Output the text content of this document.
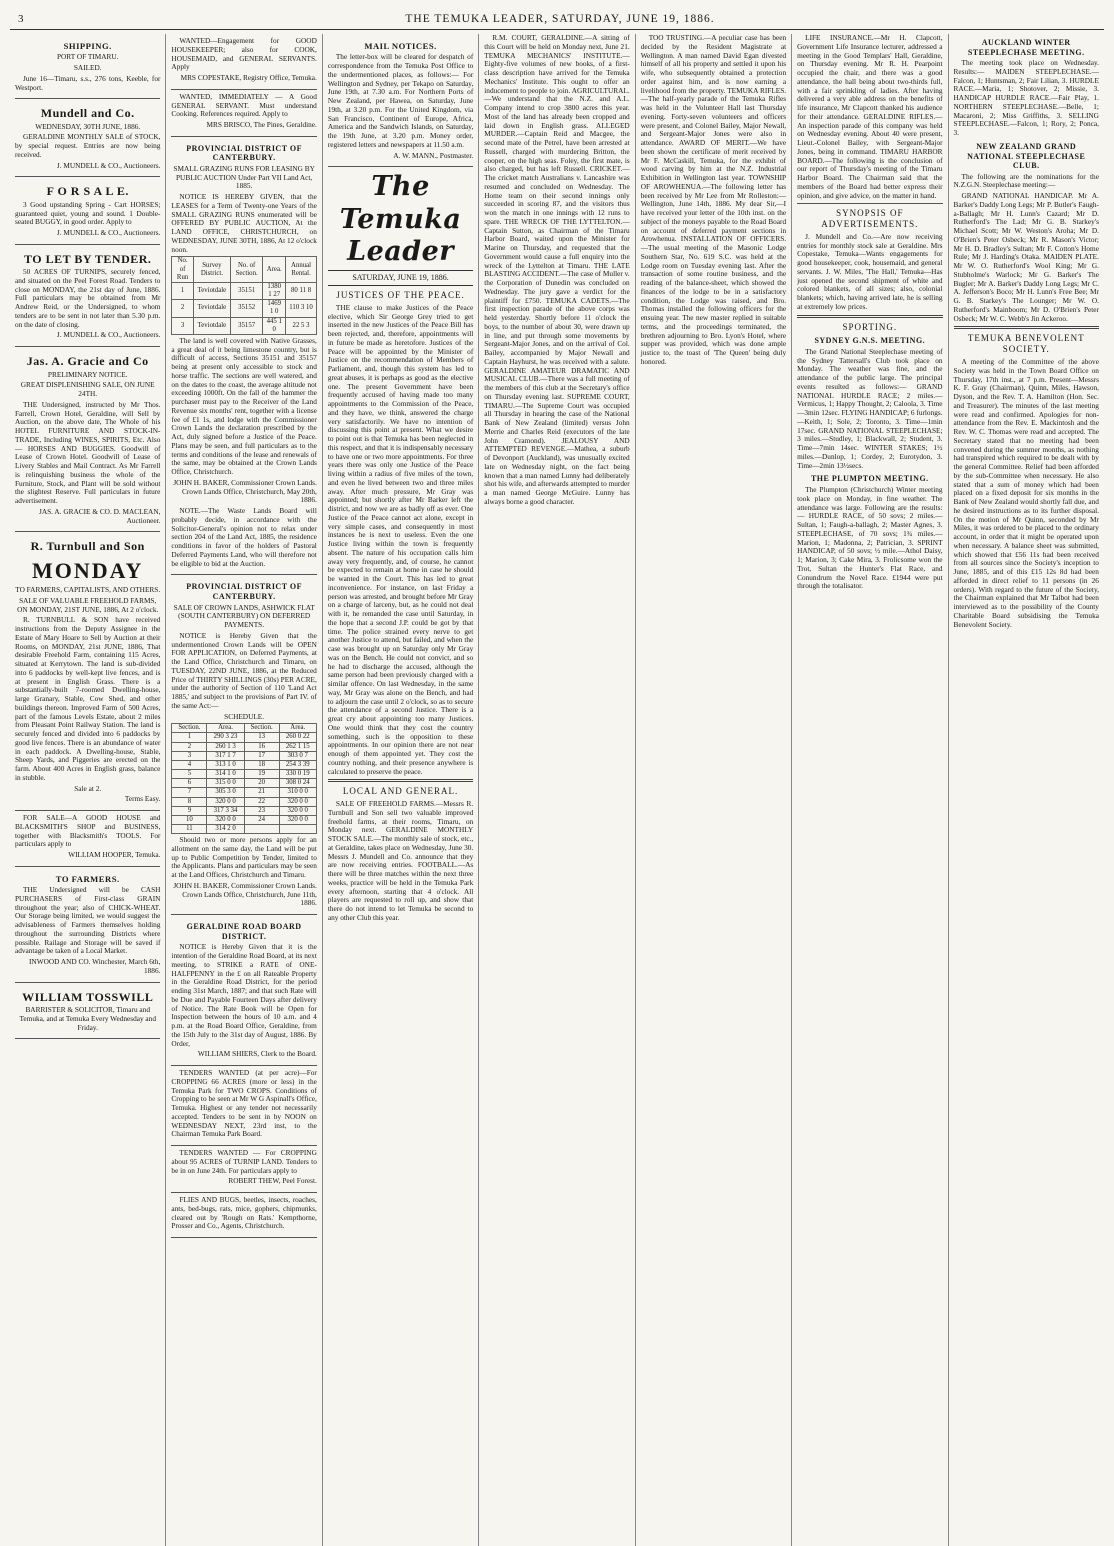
3	THE TEMUKA LEADER, SATURDAY, JUNE 19, 1886.
SHIPPING.

PORT OF TIMARU.

SAILED.

June 16—Timaru, s.s., 276 tons, Keeble, for Westport.

Mundell and Co.

WEDNESDAY, 30TH JUNE, 1886.

GERALDINE MONTHLY SALE of STOCK, by special request. Entries are now being received.

J. MUNDELL & CO., Auctioneers.

F O R S A L E.

3 Good upstanding Spring - Cart HORSES; guaranteed quiet, young and sound. 1 Double-seated BUGGY, in good order. Apply to

J. MUNDELL & CO., Auctioneers.

TO LET BY TENDER.

50 ACRES OF TURNIPS, securely fenced, and situated on the Peel Forest Road. Tenders to close on MONDAY, the 21st day of June, 1886. Full particulars may be obtained from Mr Andrew Reid, or the Undersigned, to whom tenders are to be sent in not later than 5.30 p.m. on the date of closing.

J. MUNDELL & CO., Auctioneers.

Jas. A. Gracie and Co

PRELIMINARY NOTICE.

GREAT DISPLENISHING SALE, ON JUNE 24TH.

THE Undersigned, instructed by Mr Thos. Farrell, Crown Hotel, Geraldine, will Sell by Auction, on the above date, The Whole of his HOTEL FURNITURE AND STOCK-IN-TRADE, Including WINES, SPIRITS, Etc. Also— HORSES AND BUGGIES. Goodwill of Lease of Crown Hotel. Goodwill of Lease of Livery Stables and Mail Contract. As Mr Farrell is relinquishing business the whole of the Furniture, Stock, and Plant will be sold without the slightest Reserve. Full particulars in future advertisement.

JAS. A. GRACIE & CO. D. MACLEAN, Auctioneer.

R. Turnbull and Son
MONDAY

TO FARMERS, CAPITALISTS, AND OTHERS.

SALE OF VALUABLE FREEHOLD FARMS, ON MONDAY, 21ST JUNE, 1886, At 2 o'clock.

R. TURNBULL & SON have received instructions from the Deputy Assignee in the Estate of Mary Hoare to Sell by Auction at their Rooms, on MONDAY, 21st JUNE, 1886, That desirable Freehold Farm, containing 115 Acres, situated at Kerrytown. The land is sub-divided into 6 paddocks by well-kept live fences, and is at present in English Grass. There is a substantially-built 7-roomed Dwelling-house, large Granary, Stable, Cow Shed, and other buildings thereon. Improved Farm of 500 Acres, part of the famous Levels Estate, about 2 miles from Pleasant Point Railway Station. The land is securely fenced and divided into 6 paddocks by good live fences. There is an abundance of water in each paddock. A Dwelling-house, Stable, Sheep Yards, and Piggeries are erected on the farm. About 400 Acres in English grass, balance in stubble.

Sale at 2.

Terms Easy.

FOR SALE—A GOOD HOUSE and BLACKSMITH'S SHOP and BUSINESS, together with Blacksmith's TOOLS. For particulars apply to

WILLIAM HOOPER, Temuka.

TO FARMERS.

THE Undersigned will be CASH PURCHASERS of First-class GRAIN throughout the year; also of CHICK-WHEAT. Our Storage being limited, we would suggest the advisableness of Farmers themselves holding throughout the surrounding Districts where possible. Railage and Storage will be saved if advantage be taken of a Local Market.

INWOOD AND CO. Winchester, March 6th, 1886.

WILLIAM TOSSWILL

BARRISTER & SOLICITOR, Timaru and Temuka, and at Temuka Every Wednesday and Friday.

WANTED—Engagement for GOOD HOUSEKEEPER; also for COOK, HOUSEMAID, and GENERAL SERVANTS. Apply

MRS COPESTAKE, Registry Office, Temuka.

WANTED, IMMEDIATELY — A Good GENERAL SERVANT. Must understand Cooking. References required. Apply to

MRS BRISCO, The Pines, Geraldine.

PROVINCIAL DISTRICT OF CANTERBURY.

SMALL GRAZING RUNS FOR LEASING BY PUBLIC AUCTION Under Part VII Land Act, 1885.

NOTICE IS HEREBY GIVEN, that the LEASES for a Term of Twenty-one Years of the SMALL GRAZING RUNS enumerated will be OFFERED BY PUBLIC AUCTION, At the LAND OFFICE, CHRISTCHURCH, on WEDNESDAY, JUNE 30TH, 1886, At 12 o'clock noon.

No. of Run	Survey District.	No. of Section.	Area.	Annual Rental.
1	Teviotdale	35151	1380 1 27	80 11 8
2	Teviotdale	35152	1469 1 0	110 3 10
3	Teviotdale	35157	445 1 0	22 5 3

The land is well covered with Native Grasses, a great deal of it being limestone country, but is difficult of access, Sections 35151 and 35157 being at present only accessible to stock and horse traffic. The sections are well watered, and on the dates to the coast, the average altitude not exceeding 1000ft. On the fall of the hammer the purchaser must pay to the Receiver of the Land Revenue six months' rent, together with a license fee of £1 1s, and lodge with the Commissioner Crown Lands the declaration prescribed by the Act, duly signed before a Justice of the Peace. Plans may be seen, and full particulars as to the terms and conditions of the lease and renewals of the same, may be obtained at the Crown Lands Office, Christchurch.

JOHN H. BAKER, Commissioner Crown Lands. Crown Lands Office, Christchurch, May 20th, 1886.

NOTE.—The Waste Lands Board will probably decide, in accordance with the Solicitor-General's opinion not to relax under section 204 of the Land Act, 1885, the residence conditions in favor of the holders of Pastoral Deferred Payments Land, who will therefore not be eligible to bid at the Auction.

PROVINCIAL DISTRICT OF CANTERBURY.

SALE OF CROWN LANDS, ASHWICK FLAT (SOUTH CANTERBURY) ON DEFERRED PAYMENTS.

NOTICE is Hereby Given that the undermentioned Crown Lands will be OPEN FOR APPLICATION, on Deferred Payments, at the Land Office, Christchurch and Timaru, on TUESDAY, 22ND JUNE, 1886, at the Reduced Price of THIRTY SHILLINGS (30s) PER ACRE, under the authority of Section of 110 'Land Act 1885,' and subject to the provisions of Part IV. of the same Act:—

SCHEDULE.

Section.	Area.	Section.	Area.
1	290 3 23	13	260 0 22
2	260 1 3	16	262 1 15
3	317 1 7	17	303 0 7
4	313 1 0	18	254 3 39
5	314 1 0	19	330 0 19
6	315 0 0	20	308 0 24
7	305 3 0	21	310 0 0
8	320 0 0	22	320 0 0
9	317 3 34	23	320 0 0
10	320 0 0	24	320 0 0
11	314 2 0		

Should two or more persons apply for an allotment on the same day, the Land will be put up to Public Competition by Tender, limited to the Applicants. Plans and particulars may be seen at the Land Offices, Christchurch and Timaru.

JOHN H. BAKER, Commissioner Crown Lands. Crown Lands Office, Christchurch, June 11th, 1886.

GERALDINE ROAD BOARD DISTRICT.

NOTICE is Hereby Given that it is the intention of the Geraldine Road Board, at its next meeting, to STRIKE a RATE of ONE-HALFPENNY in the £ on all Rateable Property in the Geraldine Road District, for the period ending 31st March, 1887; and that such Rate will be Due and Payable Fourteen Days after delivery of Notice. The Rate Book will be Open for Inspection between the hours of 10 a.m. and 4 p.m. at the Road Board Office, Geraldine, from the 15th July to the 31st day of August, 1886. By Order,

WILLIAM SHIERS, Clerk to the Board.

TENDERS WANTED (at per acre)—For CROPPING 66 ACRES (more or less) in the Temuka Park for TWO CROPS. Conditions of Cropping to be seen at Mr W G Aspinall's Office, Temuka. Highest or any tender not necessarily accepted. Tenders to be sent in by NOON on WEDNESDAY NEXT, 23rd inst, to the Chairman Temuka Park Board.

TENDERS WANTED — For CROPPING about 95 ACRES of TURNIP LAND. Tenders to be in on June 24th. For particulars apply to

ROBERT THEW, Peel Forest.

FLIES AND BUGS, beetles, insects, roaches, ants, bed-bugs, rats, mice, gophers, chipmunks, cleared out by 'Rough on Rats.' Kempthorne, Prosser and Co., Agents, Christchurch.

MAIL NOTICES.

The letter-box will be cleared for despatch of correspondence from the Temuka Post Office to the undermentioned places, as follows:— For Wellington and Sydney, per Tekapo on Saturday, June 19th, at 7.30 a.m. For Northern Ports of New Zealand, per Hawea, on Saturday, June 19th, at 3.20 p.m. For the United Kingdom, via San Francisco, Continent of Europe, Africa, America and the Sandwich Islands, on Saturday, the 19th June, at 3.20 p.m. Money order, registered letters and newspapers at 11.50 a.m.

A. W. MANN., Postmaster.

The Temuka Leader
SATURDAY, JUNE 19, 1886.
JUSTICES OF THE PEACE.

THE clause to make Justices of the Peace elective, which Sir George Grey tried to get inserted in the new Justices of the Peace Bill has been rejected, and, therefore, appointments will in future be made as heretofore. Justices of the Peace will be appointed by the Minister of Justice on the recommendation of Members of Parliament, and, though this system has led to great abuses, it is perhaps as good as the elective one. The present Government have been frequently accused of having made too many appointments to the Commission of the Peace, and they have, we think, answered the charge very satisfactorily. We have no intention of discussing this point at present. What we desire to point out is that Temuka has been neglected in this respect, and that it is indispensably necessary to have one or two more appointments. For three years there was only one Justice of the Peace living within a radius of five miles of the town, and even he lived between two and three miles away. After much pressure, Mr Gray was appointed; but shortly after Mr Barker left the district, and now we are as badly off as ever. One Justice of the Peace cannot act alone, except in very simple cases, and consequently in most instances he is next to useless. Even the one Justice living within the town is frequently absent. The nature of his occupation calls him away very frequently, and, of course, he cannot be expected to remain at home in case he should be wanted in the Court. This has led to great inconvenience. For instance, on last Friday a person was arrested, and brought before Mr Gray on a charge of larceny, but, as he could not deal with it, he remanded the case until Saturday, in the hope that a second J.P. could be got by that time. The police strained every nerve to get another Justice to attend, but failed, and when the case was brought up on Saturday only Mr Gray was on the Bench. He could not convict, and so he had to discharge the accused, although the same person had been previously charged with a similar offence. On last Wednesday, in the same way, Mr Gray was alone on the Bench, and had to adjourn the case until 2 o'clock, so as to secure the attendance of a second Justice. There is a great cry about appointing too many Justices. One would think that they cost the country something, such is the opposition to these appointments. In our opinion there are not near enough of them appointed yet. They cost the country nothing, and their presence anywhere is calculated to preserve the peace.

LOCAL AND GENERAL.

SALE OF FREEHOLD FARMS.—Messrs R. Turnbull and Son sell two valuable improved freehold farms, at their rooms, Timaru, on Monday next. GERALDINE MONTHLY STOCK SALE.—The monthly sale of stock, etc., at Geraldine, takes place on Wednesday, June 30. Messrs J. Mundell and Co. announce that they are now receiving entries. FOOTBALL.—As there will be three matches within the next three weeks, practice will be held in the Temuka Park every afternoon, starting that 4 o'clock. All players are requested to roll up, and show that there do not intend to let Temuka be second to any other Club this year.

R.M. COURT, GERALDINE.—A sitting of this Court will be held on Monday next, June 21. TEMUKA MECHANICS' INSTITUTE.—Eighty-five volumes of new books, of a first-class description have arrived for the Temuka Mechanics' Institute. This ought to offer an inducement to people to join. AGRICULTURAL.—We understand that the N.Z. and A.L. Company intend to crop 3800 acres this year. Most of the land has already been cropped and laid down in English grass. ALLEGED MURDER.—Captain Reid and Macgee, the second mate of the Petrel, have been arrested at Russell, charged with murdering Britton, the cooper, on the high seas. Foley, the first mate, is also charged, but has left Russell. CRICKET.—The cricket match Australians v. Lancashire was resumed and concluded on Wednesday. The Home team on their second innings only succeeded in scoring 87, and the visitors thus won the match in one innings with 12 runs to spare. THE WRECK OF THE LYTTELTON.—Captain Sutton, as Chairman of the Timaru Harbor Board, waited upon the Minister for Marine on Thursday, and requested that the Government would cause a full enquiry into the wreck of the Lyttelton at Timaru. THE LATE BLASTING ACCIDENT.—The case of Muller v. the Corporation of Dunedin was concluded on Wednesday. The jury gave a verdict for the plaintiff for £750. TEMUKA CADETS.—The first inspection parade of the above corps was held yesterday. Shortly before 11 o'clock the boys, to the number of about 30, were drawn up in line, and put through some movements by Sergeant-Major Jones, and on the arrival of Col. Bailey, accompanied by Major Newall and Captain Hayhurst, he was received with a salute. GERALDINE AMATEUR DRAMATIC AND MUSICAL CLUB.—There was a full meeting of the members of this club at the Secretary's office on Thursday evening last. SUPREME COURT, TIMARU.—The Supreme Court was occupied all Thursday in hearing the case of the National Bank of New Zealand (limited) versus John Merrie and Charles Reid (executors of the late John Cramond). JEALOUSY AND ATTEMPTED REVENGE.—Mathea, a suburb of Devonport (Auckland), was unusually excited late on Wednesday night, on the fact being known that a man named Lunny had deliberately shot his wife, and afterwards attempted to murder a man named George McGuire. Lunny has always borne a good character.

TOO TRUSTING.—A peculiar case has been decided by the Resident Magistrate at Wellington. A man named David Egan divested himself of all his property and settled it upon his wife, who subsequently obtained a protection order against him, and is now earning a livelihood from the property. TEMUKA RIFLES.—The half-yearly parade of the Temuka Rifles was held in the Volunteer Hall last Thursday evening. Forty-seven volunteers and officers were present, and Colonel Bailey, Major Newall, and Sergeant-Major Jones were also in attendance. AWARD OF MERIT.—We have been shown the certificate of merit received by Mr F. McCaskill, Temuka, for the exhibit of wood carving by him at the N.Z. Industrial Exhibition in Wellington last year. TOWNSHIP OF AROWHENUA.—The following letter has been received by Mr Lee from Mr Rolleston:— Wellington, June 14th, 1886. My dear Sir,—I have received your letter of the 10th inst. on the subject of the moneys payable to the Road Board on account of deferred payment sections in Arowhenua. INSTALLATION OF OFFICERS.—The usual meeting of the Masonic Lodge Southern Star, No. 619 S.C. was held at the Lodge room on Tuesday evening last. After the transaction of some routine business, and the reading of the balance-sheet, which showed the finances of the lodge to be in a satisfactory condition, the Lodge was raised, and Bro. Thomas installed the following officers for the ensuing year. The new master replied in suitable terms, and the proceedings terminated, the brethren adjourning to Bro. Lyon's Hotel, where supper was provided, which was done ample justice to, the toast of 'The Queen' being duly honored.

LIFE INSURANCE.—Mr H. Clapcott, Government Life Insurance lecturer, addressed a meeting in the Good Templars' Hall, Geraldine, on Thursday evening. Mr R. H. Pearpoint occupied the chair, and there was a good attendance, the hall being about two-thirds full, with a fair sprinkling of ladies. After having delivered a very able address on the benefits of life insurance, Mr Clapcott thanked his audience for their attendance. GERALDINE RIFLES.—An inspection parade of this company was held on Wednesday evening. About 40 were present, Lieut.-Colonel Bailey, with Sergeant-Major Jones, being in command. TIMARU HARBOR BOARD.—The following is the conclusion of our report of Thursday's meeting of the Timaru Harbor Board. The Chairman said that the members of the Board had better express their opinion, and give advice, on the matter in hand.

SYNOPSIS OF ADVERTISEMENTS.

J. Mundell and Co.—Are now receiving entries for monthly stock sale at Geraldine. Mrs Copestake, Temuka—Wants engagements for good housekeeper, cook, housemaid, and general servants. J. W. Miles, 'The Hall,' Temuka—Has just opened the second shipment of white and colored blankets, of all sizes; also, colonial blankets; which, having arrived late, he is selling at extremely low prices.

SPORTING.
SYDNEY G.N.S. MEETING.

The Grand National Steeplechase meeting of the Sydney Tattersall's Club took place on Monday. The weather was fine, and the attendance of the public large. The principal events resulted as follows:— GRAND NATIONAL HURDLE RACE; 2 miles.—Vermicus, 1; Happy Thought, 2; Caloola, 3. Time—3min 12sec. FLYING HANDICAP; 6 furlongs.—Keith, 1; Sole, 2; Toronto, 3. Time—1min 17sec. GRAND NATIONAL STEEPLECHASE; 3 miles.—Studley, 1; Blackwall, 2; Student, 3. Time—7min 14sec. WINTER STAKES; 1½ miles.—Dunlop, 1; Cordey, 2; Eurotydon, 3. Time—2min 13½secs.

THE PLUMPTON MEETING.

The Plumpton (Christchurch) Winter meeting took place on Monday, in fine weather. The attendance was large. Following are the results:— HURDLE RACE, of 50 sovs; 2 miles.—Sultan, 1; Faugh-a-ballagh, 2; Master Agnes, 3. STEEPLECHASE, of 70 sovs; 1¾ miles.—Marion, 1; Madonna, 2; Patrician, 3. SPRINT HANDICAP, of 50 sovs; ½ mile.—Athol Daisy, 1; Marion, 3; Cake Mira, 3. Frolicsome won the Trot, Sultan the Hunter's Flat Race, and Conundrum the Novel Race. £1944 were put through the totalisator.

AUCKLAND WINTER STEEPLECHASE MEETING.

The meeting took place on Wednesday. Results:— MAIDEN STEEPLECHASE.—Falcon, 1; Huntsman, 2; Fair Lilian, 3. HURDLE RACE.—Maria, 1; Shotover, 2; Missie, 3. HANDICAP HURDLE RACE.—Fair Play, 1. NORTHERN STEEPLECHASE.—Belle, 1; Macaroni, 2; Miss Griffiths, 3. SELLING STEEPLECHASE.—Falcon, 1; Rory, 2; Ponca, 3.

NEW ZEALAND GRAND NATIONAL STEEPLECHASE CLUB.

The following are the nominations for the N.Z.G.N. Steeplechase meeting:—

GRAND NATIONAL HANDICAP. Mr A. Barker's Daddy Long Legs; Mr P. Butler's Faugh-a-Ballagh; Mr H. Lunn's Cazard; Mr D. Rutherford's The Lad; Mr G. B. Starkey's Michael Scott; Mr W. Weston's Aroha; Mr D. O'Brien's Peter Osbeck; Mr R. Mason's Victor; Mr H. D. Bradley's Sultan; Mr F. Cotton's Home Rule; Mr J. Harding's Otaka. MAIDEN PLATE. Mr W. O. Rutherford's Wool King; Mr G. Stubholme's Warlock; Mr G. Barker's The Bugler; Mr A. Barker's Daddy Long Legs; Mr C. A. Jefferson's Boco; Mr H. Lunn's Free Bee; Mr G. B. Starkey's The Lounger; Mr W. O. Rutherford's Mainboom; Mr D. O'Brien's Peter Osbeck; Mr W. C. Webb's Jin Ackeroo.

TEMUKA BENEVOLENT SOCIETY.

A meeting of the Committee of the above Society was held in the Town Board Office on Thursday, 17th inst., at 7 p.m. Present—Messrs K. F. Gray (Chairman), Quinn, Miles, Hawson, Dyson, and the Rev. T. A. Hamilton (Hon. Sec. and Treasurer). The minutes of the last meeting were read and confirmed. Apologies for non-attendance from the Rev. E. Mackintosh and the Rev. W. C. Thomas were read and accepted. The Secretary stated that no meeting had been convened during the summer months, as nothing had transpired which required to be dealt with by the general Committee. Relief had been afforded by the sub-Committee when necessary. He also stated that a sum of money which had been placed on a fixed deposit for six months in the Bank of New Zealand would shortly fall due, and he desired instructions as to its further disposal. On the motion of Mr Quinn, seconded by Mr Miles, it was ordered to be placed to the ordinary account, in order that it might be operated upon when necessary. A balance sheet was submitted, which showed that £56 11s had been received from all sources since the Society's inception to June, 1885, and of this £15 12s 8d had been afforded in direct relief to 11 persons (in 26 orders). With regard to the future of the Society, the Chairman explained that Mr Talbot had been interviewed as to the possibility of the County Charitable Board subsidising the Temuka Benevolent Society.
